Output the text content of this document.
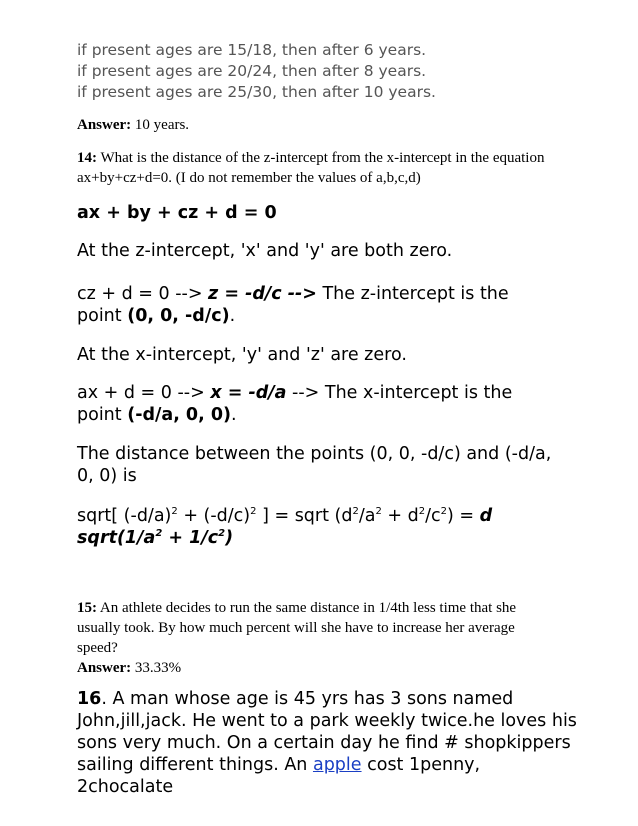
if present ages are 15/18, then after 6 years.
if present ages are 20/24, then after 8 years.
if present ages are 25/30, then after 10 years.

Answer: 10 years.

14: What is the distance of the z-intercept from the x-intercept in the equation ax+by+cz+d=0. (I do not remember the values of a,b,c,d)

ax + by + cz + d = 0

At the z-intercept, 'x' and 'y' are both zero.

cz + d = 0 --> z = -d/c --> The z-intercept is the point (0, 0, -d/c).

At the x-intercept, 'y' and 'z' are zero.

ax + d = 0 --> x = -d/a --> The x-intercept is the point (-d/a, 0, 0).

The distance between the points (0, 0, -d/c) and (-d/a, 0, 0) is

sqrt[ $(-d/a)^2 + (-d/c)^2$ ] = sqrt $(d^2/a^2 + d^2/c^2) = d$ $sqrt(1/a^2 + 1/c^2)$

15: An athlete decides to run the same distance in 1/4th less time that she usually took. By how much percent will she have to increase her average speed?
Answer: 33.33%

16. A man whose age is 45 yrs has 3 sons named John,jill,jack. He went to a park weekly twice.he loves his sons very much. On a certain day he find # shopkippers sailing different things. An apple cost 1penny, 2chocalate
